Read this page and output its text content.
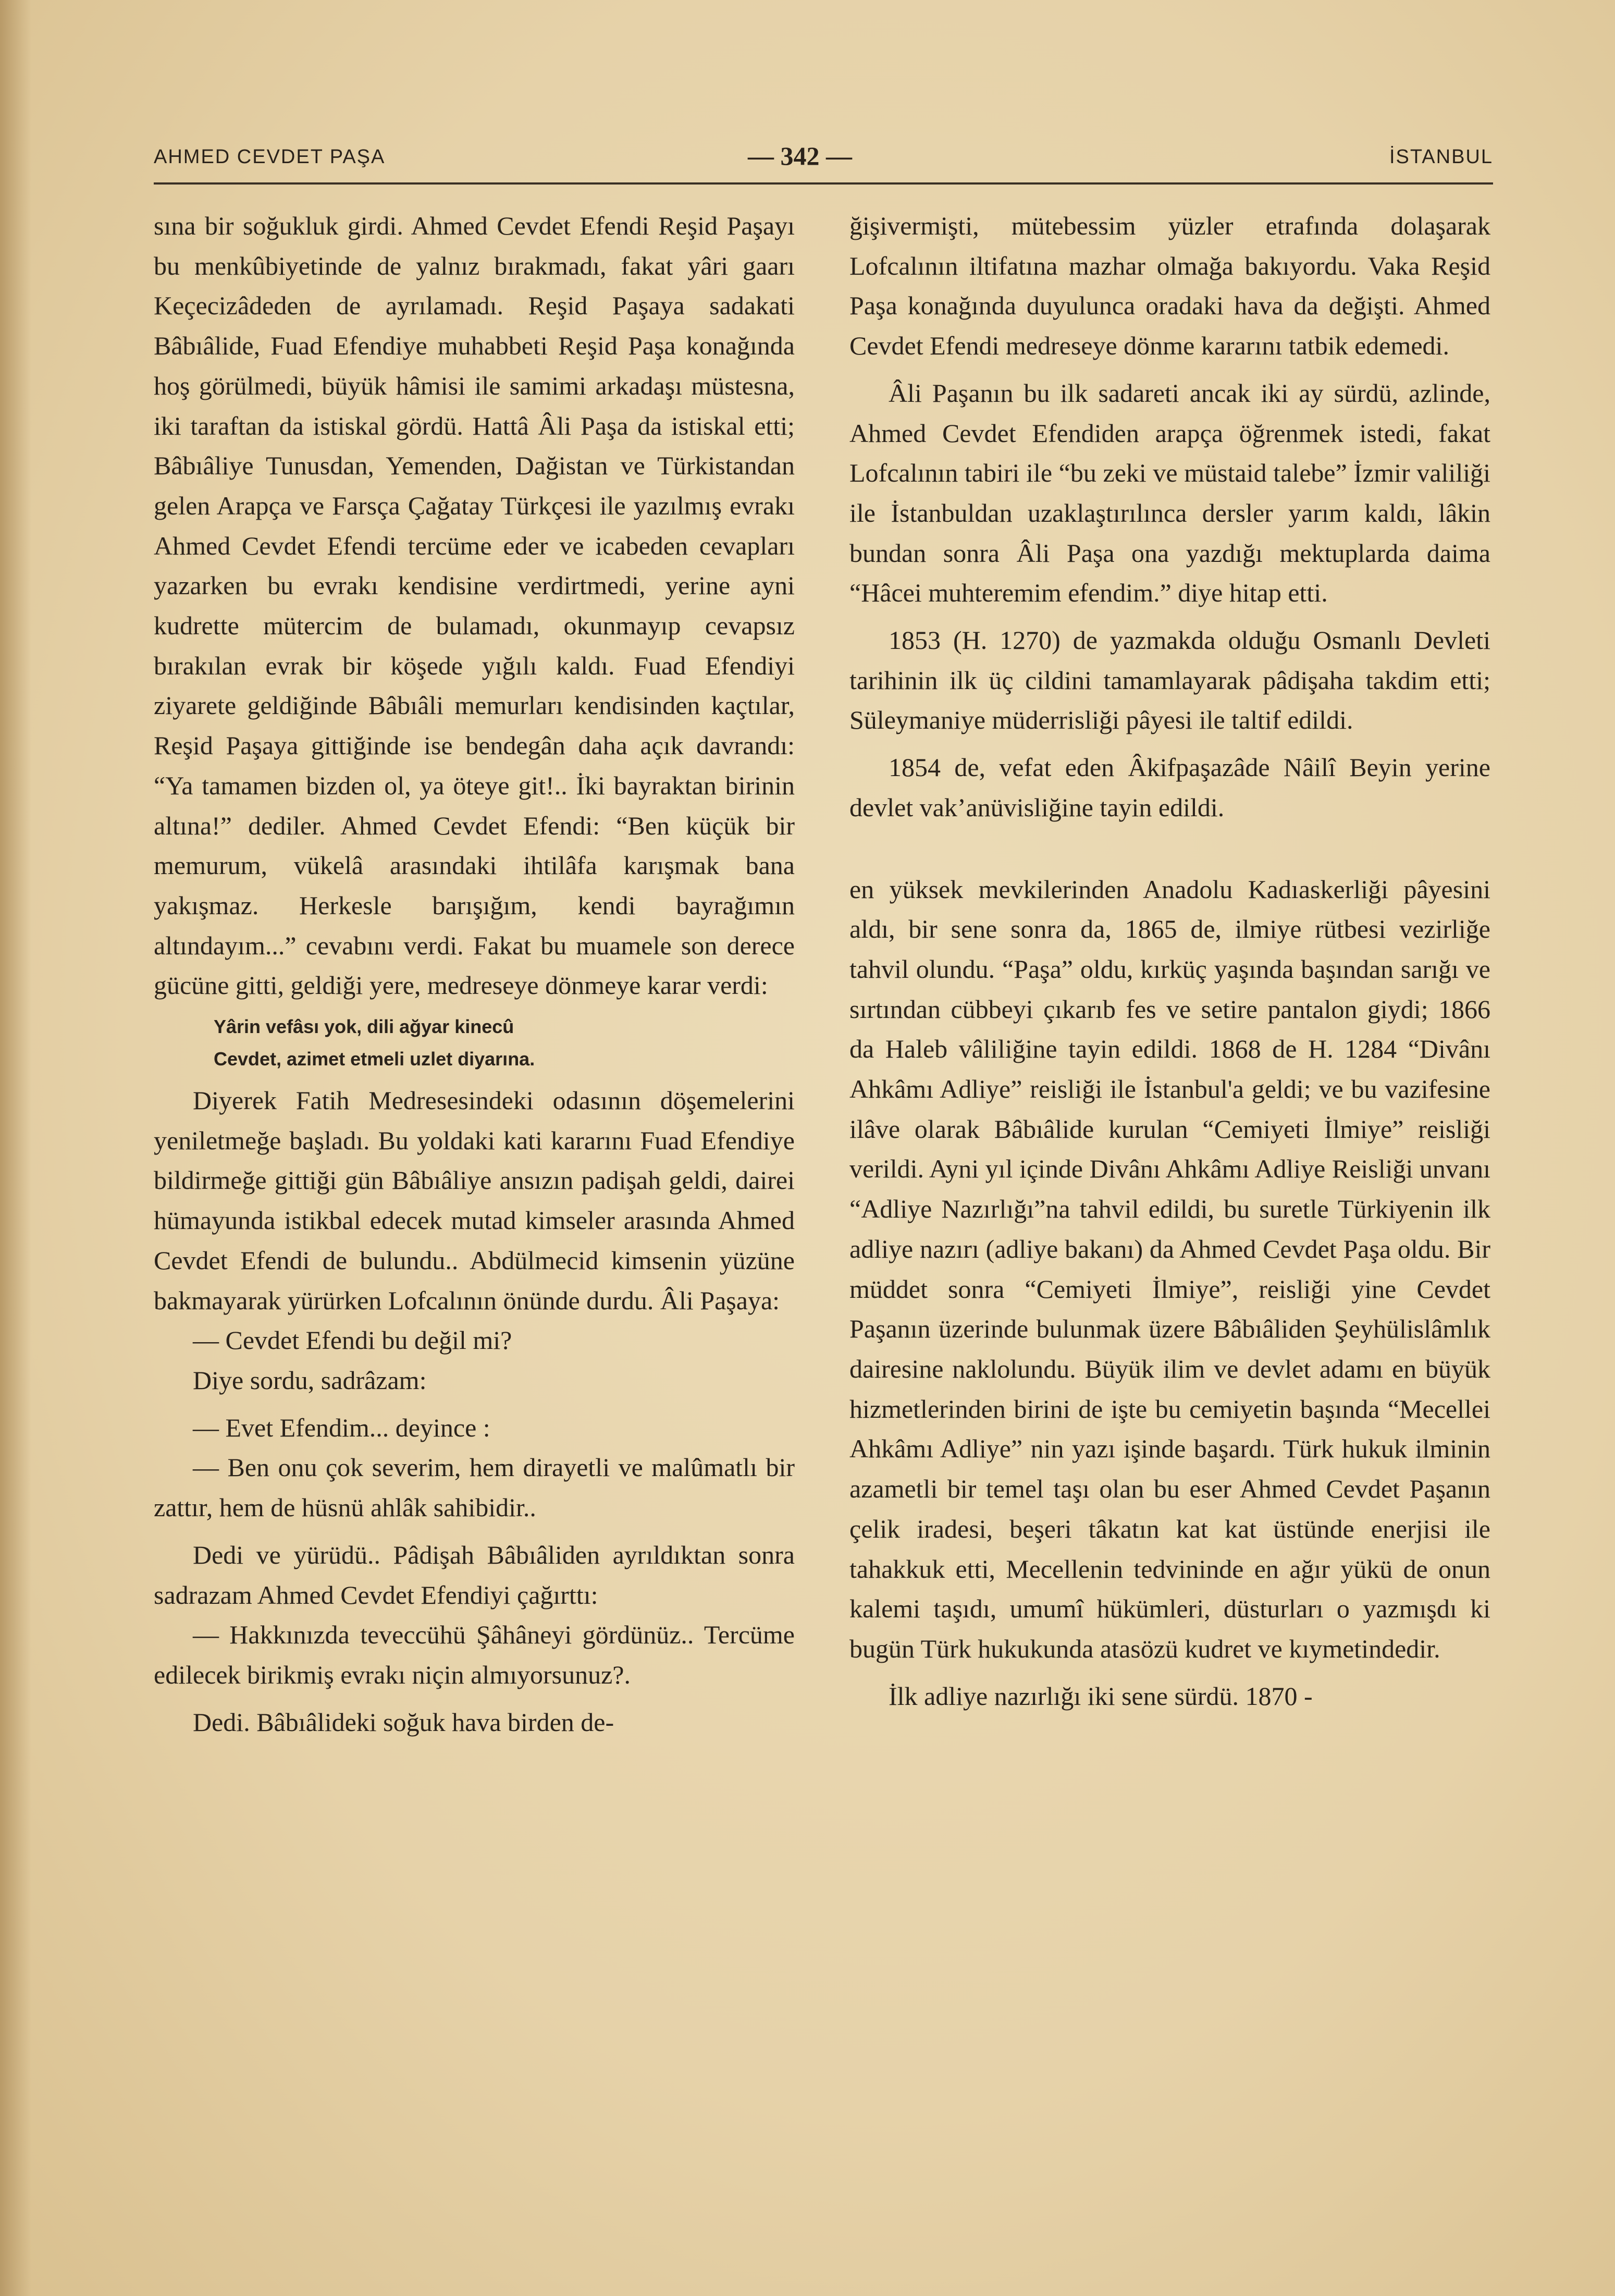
AHMED CEVDET PAŞA	— 342 —	İSTANBUL

sına bir soğukluk girdi. Ahmed Cevdet Efendi Reşid Paşayı bu menkûbiyetinde de yalnız bırakmadı, fakat yâri gaarı Keçecizâdeden de ayrılamadı. Reşid Paşaya sadakati Bâbıâlide, Fuad Efendiye muhabbeti Reşid Paşa konağında hoş görülmedi, büyük hâmisi ile samimi arkadaşı müstesna, iki taraftan da istiskal gördü. Hattâ Âli Paşa da istiskal etti; Bâbıâliye Tunusdan, Yemenden, Dağistan ve Türkistandan gelen Arapça ve Farsça Çağatay Türkçesi ile yazılmış evrakı Ahmed Cevdet Efendi tercüme eder ve icabeden cevapları yazarken bu evrakı kendisine verdirtmedi, yerine ayni kudrette mütercim de bulamadı, okunmayıp cevapsız bırakılan evrak bir köşede yığılı kaldı. Fuad Efendiyi ziyarete geldiğinde Bâbıâli memurları kendisinden kaçtılar, Reşid Paşaya gittiğinde ise bendegân daha açık davrandı: “Ya tamamen bizden ol, ya öteye git!.. İki bayraktan birinin altına!” dediler. Ahmed Cevdet Efendi: “Ben küçük bir memurum, vükelâ arasındaki ihtilâfa karışmak bana yakışmaz. Herkesle barışığım, kendi bayrağımın altındayım...” cevabını verdi. Fakat bu muamele son derece gücüne gitti, geldiği yere, medreseye dönmeye karar verdi:

Yârin vefâsı yok, dili ağyar kinecû
Cevdet, azimet etmeli uzlet diyarına.

Diyerek Fatih Medresesindeki odasının döşemelerini yeniletmeğe başladı. Bu yoldaki kati kararını Fuad Efendiye bildirmeğe gittiği gün Bâbıâliye ansızın padişah geldi, dairei hümayunda istikbal edecek mutad kimseler arasında Ahmed Cevdet Efendi de bulundu.. Abdülmecid kimsenin yüzüne bakmayarak yürürken Lofcalının önünde durdu. Âli Paşaya:

— Cevdet Efendi bu değil mi?

Diye sordu, sadrâzam:

— Evet Efendim... deyince :

— Ben onu çok severim, hem dirayetli ve malûmatlı bir zattır, hem de hüsnü ahlâk sahibidir..

Dedi ve yürüdü.. Pâdişah Bâbıâliden ayrıldıktan sonra sadrazam Ahmed Cevdet Efendiyi çağırttı:

— Hakkınızda teveccühü Şâhâneyi gördünüz.. Tercüme edilecek birikmiş evrakı niçin almıyorsunuz?.

Dedi. Bâbıâlideki soğuk hava birden de-

ğişivermişti, mütebessim yüzler etrafında dolaşarak Lofcalının iltifatına mazhar olmağa bakıyordu. Vaka Reşid Paşa konağında duyulunca oradaki hava da değişti. Ahmed Cevdet Efendi medreseye dönme kararını tatbik edemedi.

Âli Paşanın bu ilk sadareti ancak iki ay sürdü, azlinde, Ahmed Cevdet Efendiden arapça öğrenmek istedi, fakat Lofcalının tabiri ile “bu zeki ve müstaid talebe” İzmir valiliği ile İstanbuldan uzaklaştırılınca dersler yarım kaldı, lâkin bundan sonra Âli Paşa ona yazdığı mektuplarda daima “Hâcei muhteremim efendim.” diye hitap etti.

1853 (H. 1270) de yazmakda olduğu Osmanlı Devleti tarihinin ilk üç cildini tamamlayarak pâdişaha takdim etti; Süleymaniye müderrisliği pâyesi ile taltif edildi.

1854 de, vefat eden Âkifpaşazâde Nâilî Beyin yerine devlet vak’anüvisliğine tayin edildi.

en yüksek mevkilerinden Anadolu Kadıaskerliği pâyesini aldı, bir sene sonra da, 1865 de, ilmiye rütbesi vezirliğe tahvil olundu. “Paşa” oldu, kırküç yaşında başından sarığı ve sırtından cübbeyi çıkarıb fes ve setire pantalon giydi; 1866 da Haleb vâliliğine tayin edildi. 1868 de H. 1284 “Divânı Ahkâmı Adliye” reisliği ile İstanbul'a geldi; ve bu vazifesine ilâve olarak Bâbıâlide kurulan “Cemiyeti İlmiye” reisliği verildi. Ayni yıl içinde Divânı Ahkâmı Adliye Reisliği unvanı “Adliye Nazırlığı”na tahvil edildi, bu suretle Türkiyenin ilk adliye nazırı (adliye bakanı) da Ahmed Cevdet Paşa oldu. Bir müddet sonra “Cemiyeti İlmiye”, reisliği yine Cevdet Paşanın üzerinde bulunmak üzere Bâbıâliden Şeyhülislâmlık dairesine naklolundu. Büyük ilim ve devlet adamı en büyük hizmetlerinden birini de işte bu cemiyetin başında “Mecellei Ahkâmı Adliye” nin yazı işinde başardı. Türk hukuk ilminin azametli bir temel taşı olan bu eser Ahmed Cevdet Paşanın çelik iradesi, beşeri tâkatın kat kat üstünde enerjisi ile tahakkuk etti, Mecellenin tedvininde en ağır yükü de onun kalemi taşıdı, umumî hükümleri, düsturları o yazmışdı ki bugün Türk hukukunda atasözü kudret ve kıymetindedir.

İlk adliye nazırlığı iki sene sürdü. 1870 -
